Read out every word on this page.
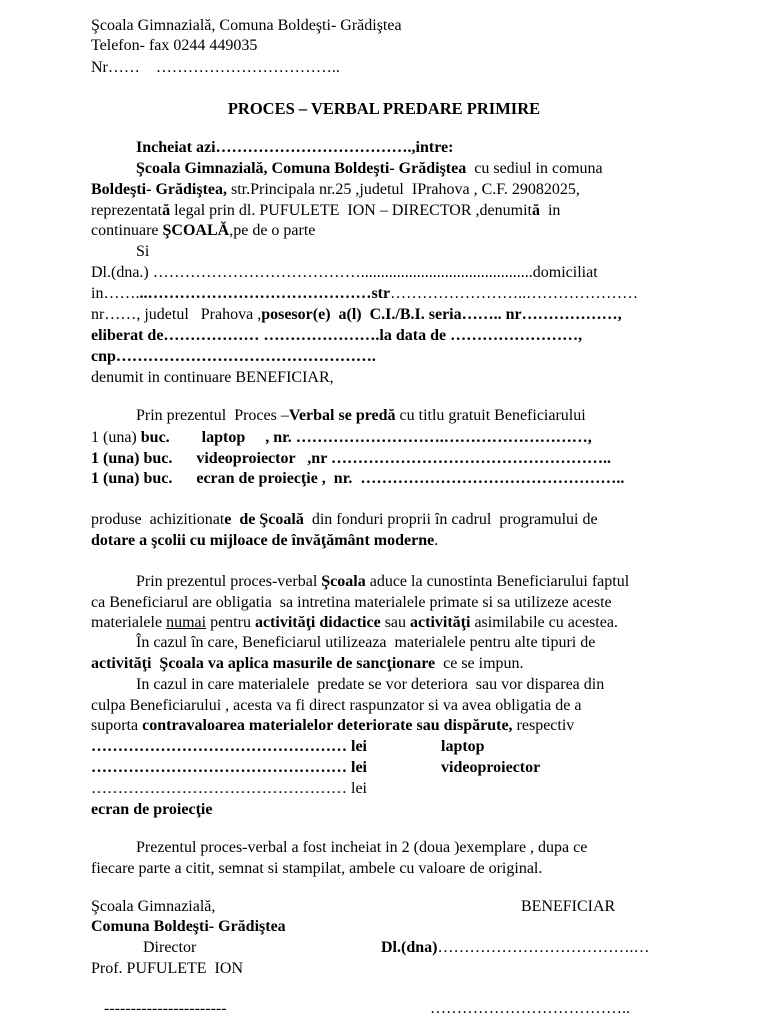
Şcoala Gimnazială, Comuna Boldeşti- Grădiştea
Telefon- fax 0244 449035
Nr……    ……………………………..
PROCES – VERBAL PREDARE PRIMIRE
Incheiat azi……………………………….,intre:
Şcoala Gimnazială, Comuna Boldeşti- Grădiştea  cu sediul in comuna
Boldeşti- Grădiştea, str.Principala nr.25 ,judetul  IPrahova , C.F. 29082025,
reprezentată legal prin dl. PUFULETE  ION – DIRECTOR ,denumită  in
continuare ŞCOALĂ,pe de o parte
Si
Dl.(dna.) …………………………………...........................................domiciliat
in……...……………………………………str……………………..…………………
nr……, judetul   Prahova ,posesor(e)  a(l)  C.I./B.I. seria…….. nr………………,
eliberat de……………… ………………….la data de ……………………,
cnp………………………………………….
denumit in continuare BENEFICIAR,
Prin prezentul  Proces –Verbal se predă cu titlu gratuit Beneficiarului
1 (una) buc.        laptop     , nr. ……………………….………………………,
1 (una) buc.      videoproiector   ,nr ……………………………………………..
1 (una) buc.      ecran de proiecţie ,  nr.  …………………………………………..
produse  achizitionate  de Şcoală  din fonduri proprii în cadrul  programului de
dotare a şcolii cu mijloace de învăţământ moderne.
Prin prezentul proces-verbal Şcoala aduce la cunostinta Beneficiarului faptul
ca Beneficiarul are obligatia  sa intretina materialele primate si sa utilizeze aceste
materialele numai pentru activităţi didactice sau activităţi asimilabile cu acestea.
În cazul în care, Beneficiarul utilizeaza  materialele pentru alte tipuri de
activităţi  Şcoala va aplica masurile de sancţionare  ce se impun.
In cazul in care materialele  predate se vor deteriora  sau vor disparea din
culpa Beneficiarului , acesta va fi direct raspunzator si va avea obligatia de a
suporta contravaloarea materialelor deteriorate sau dispărute, respectiv
………………………………………… lei	laptop
………………………………………… lei	videoproiector
………………………………………… lei
ecran de proiecţie
Prezentul proces-verbal a fost incheiat in 2 (doua )exemplare , dupa ce
fiecare parte a citit, semnat si stampilat, ambele cu valoare de original.
Şcoala Gimnazială,	BENEFICIAR
Comuna Boldeşti- Grădiştea
Director	Dl.(dna)……………………………….…
Prof. PUFULETE  ION
-----------------------	………………………………..
